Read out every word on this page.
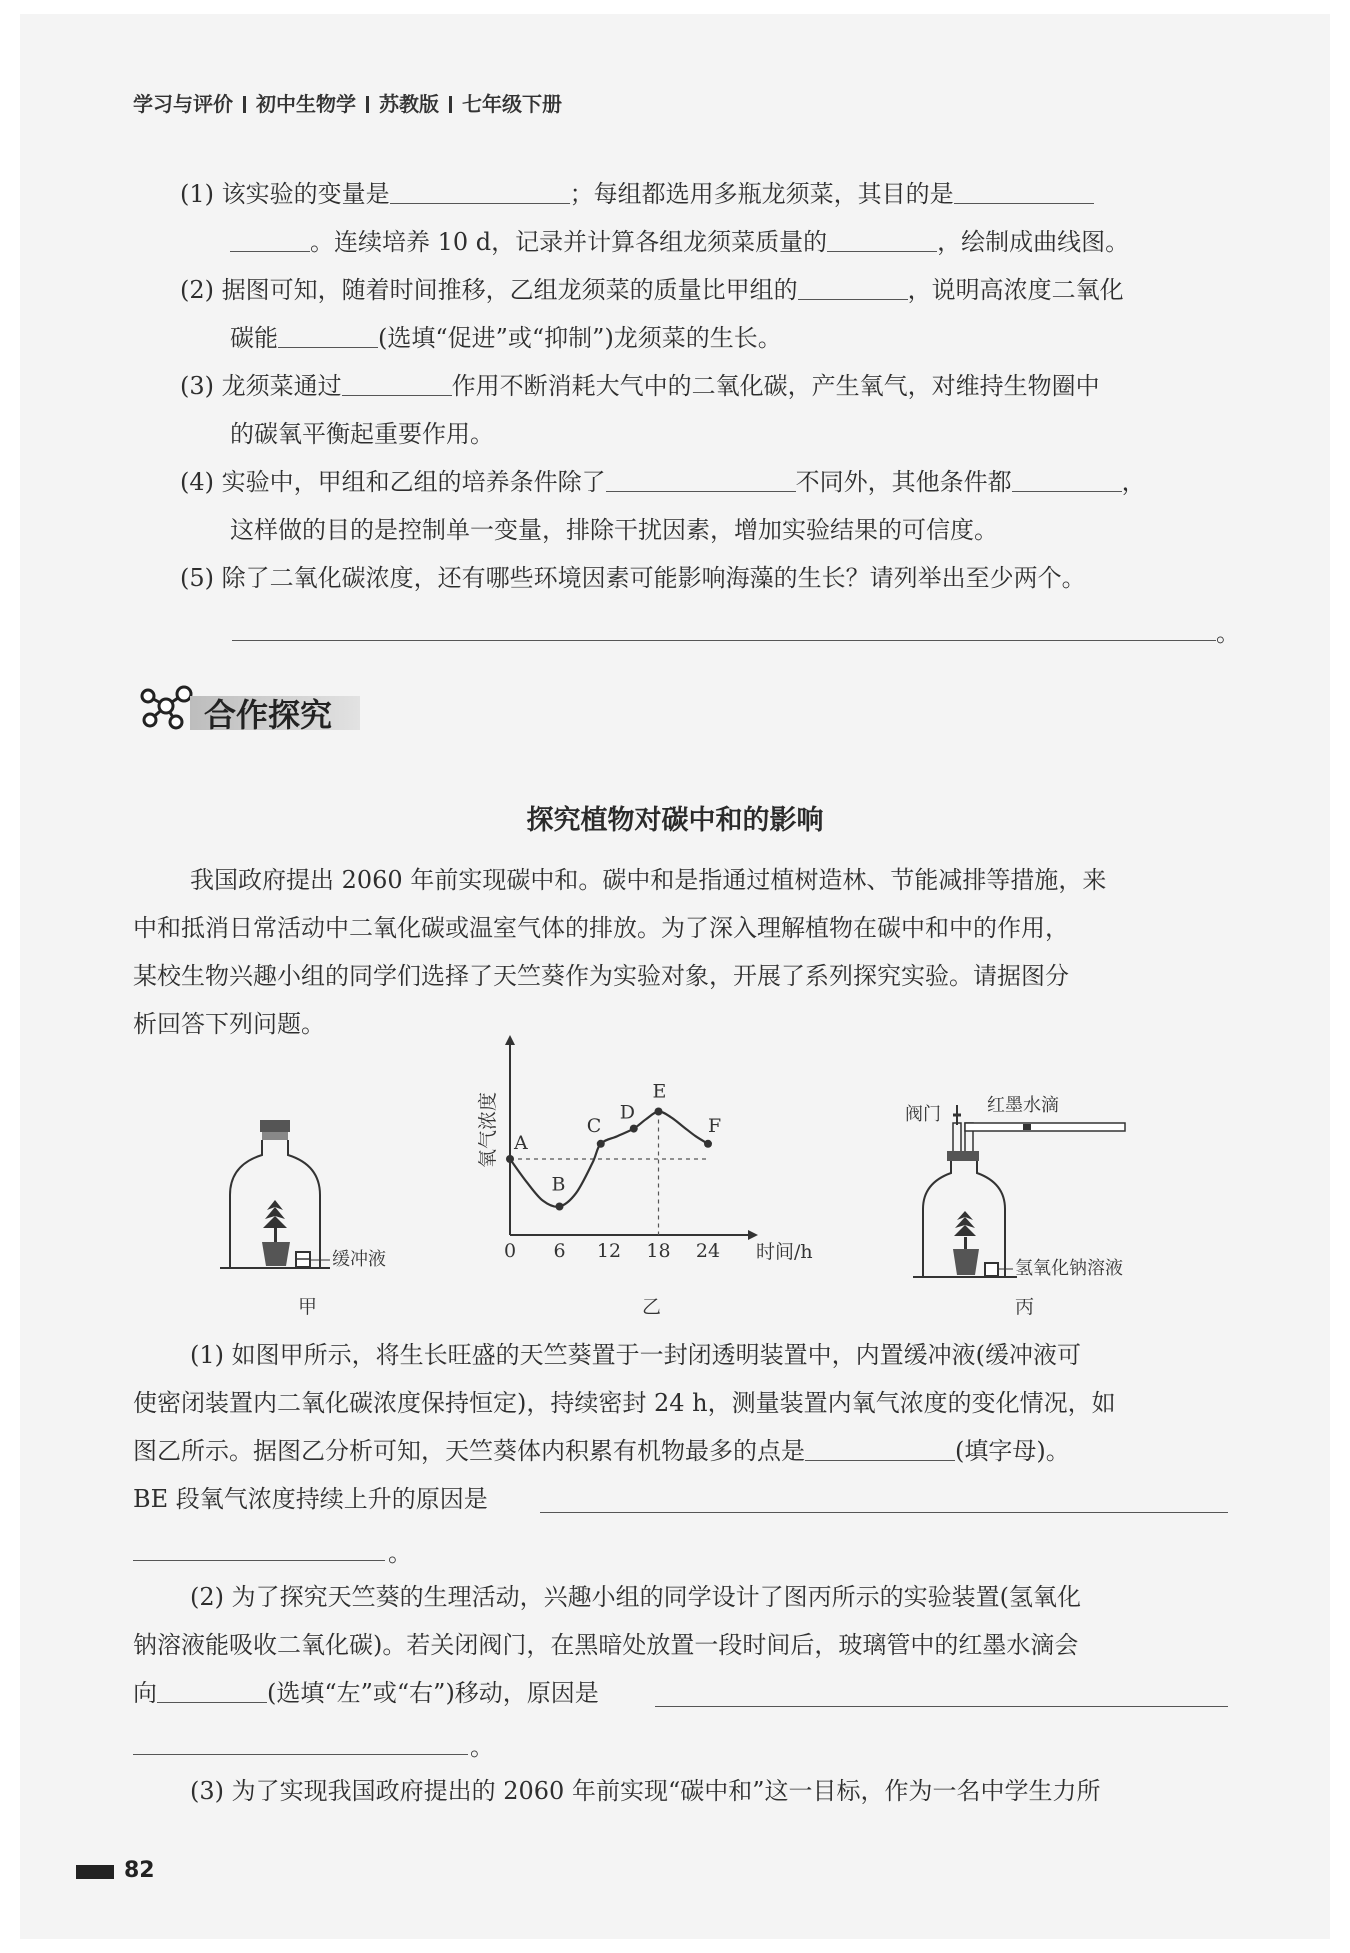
学习与评价 初中生物学 苏教版 七年级下册
(1) 该实验的变量是	；每组都选用多瓶龙须菜，其目的是
。连续培养 10 d，记录并计算各组龙须菜质量的	，绘制成曲线图。
(2) 据图可知，随着时间推移，乙组龙须菜的质量比甲组的	，说明高浓度二氧化
碳能	(选填“促进”或“抑制”)龙须菜的生长。
(3) 龙须菜通过	作用不断消耗大气中的二氧化碳，产生氧气，对维持生物圈中
的碳氧平衡起重要作用。
(4) 实验中，甲组和乙组的培养条件除了	不同外，其他条件都	，
这样做的目的是控制单一变量，排除干扰因素，增加实验结果的可信度。
(5) 除了二氧化碳浓度，还有哪些环境因素可能影响海藻的生长？请列举出至少两个。
。
合作探究
探究植物对碳中和的影响
我国政府提出 2060 年前实现碳中和。碳中和是指通过植树造林、节能减排等措施，来
中和抵消日常活动中二氧化碳或温室气体的排放。为了深入理解植物在碳中和中的作用，
某校生物兴趣小组的同学们选择了天竺葵作为实验对象，开展了系列探究实验。请据图分
析回答下列问题。
缓冲液
甲
氧气浓度
时间/h
0 6 12 18 24
A
B
C
D
E
F
乙
阀门	红墨水滴
氢氧化钠溶液
丙
(1) 如图甲所示，将生长旺盛的天竺葵置于一封闭透明装置中，内置缓冲液(缓冲液可
使密闭装置内二氧化碳浓度保持恒定)，持续密封 24 h，测量装置内氧气浓度的变化情况，如
图乙所示。据图乙分析可知，天竺葵体内积累有机物最多的点是	(填字母)。
BE 段氧气浓度持续上升的原因是
。
(2) 为了探究天竺葵的生理活动，兴趣小组的同学设计了图丙所示的实验装置(氢氧化
钠溶液能吸收二氧化碳)。若关闭阀门，在黑暗处放置一段时间后，玻璃管中的红墨水滴会
向	(选填“左”或“右”)移动，原因是
。
(3) 为了实现我国政府提出的 2060 年前实现“碳中和”这一目标，作为一名中学生力所
82
